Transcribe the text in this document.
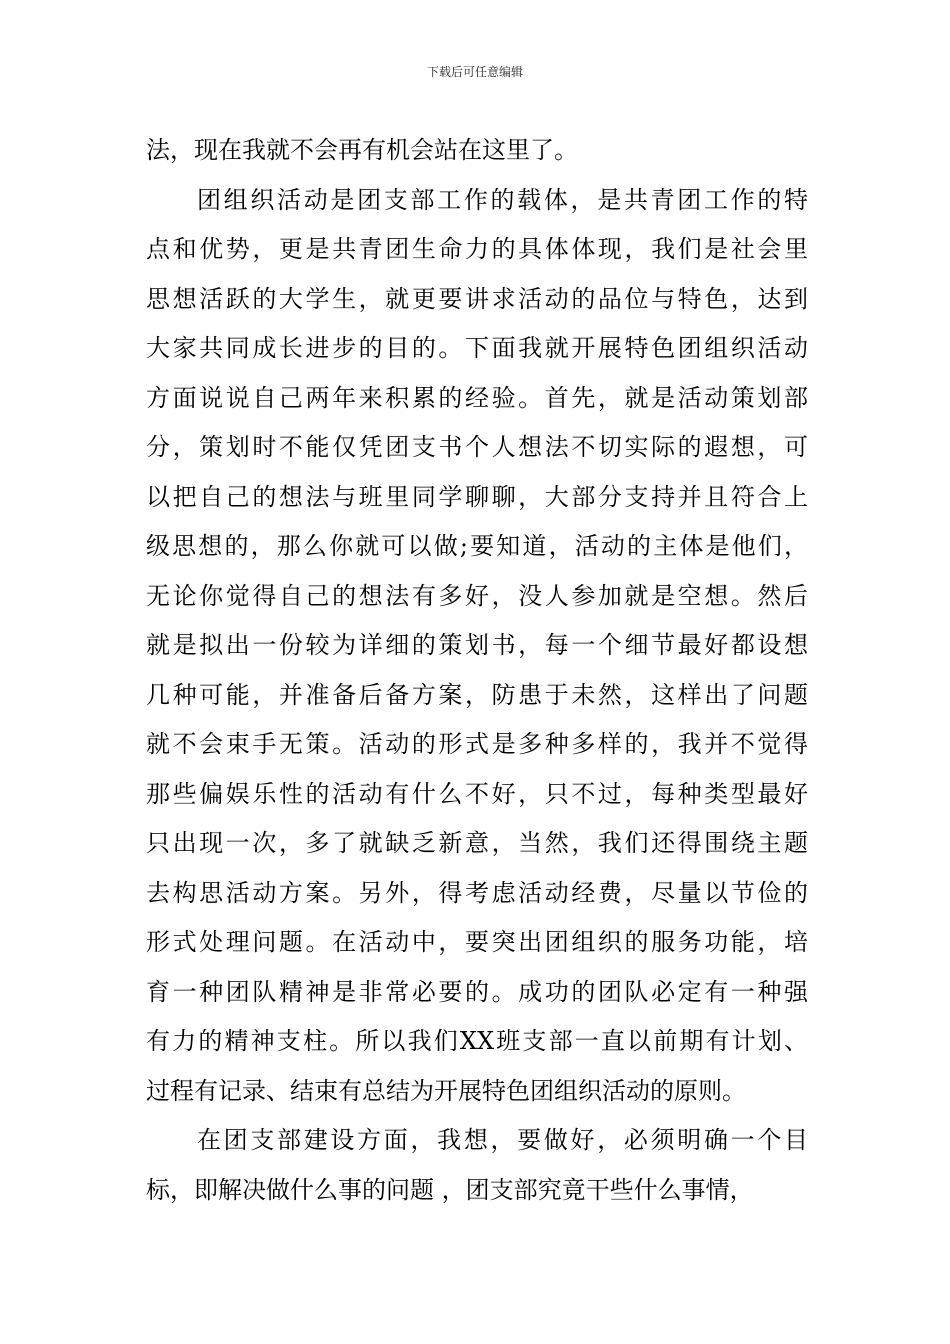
下载后可任意编辑
法，现在我就不会再有机会站在这里了。
团组织活动是团支部工作的载体，是共青团工作的特
点和优势，更是共青团生命力的具体体现，我们是社会里
思想活跃的大学生，就更要讲求活动的品位与特色，达到
大家共同成长进步的目的。下面我就开展特色团组织活动
方面说说自己两年来积累的经验。首先，就是活动策划部
分，策划时不能仅凭团支书个人想法不切实际的遐想，可
以把自己的想法与班里同学聊聊，大部分支持并且符合上
级思想的，那么你就可以做;要知道，活动的主体是他们，
无论你觉得自己的想法有多好，没人参加就是空想。然后
就是拟出一份较为详细的策划书，每一个细节最好都设想
几种可能，并准备后备方案，防患于未然，这样出了问题
就不会束手无策。活动的形式是多种多样的，我并不觉得
那些偏娱乐性的活动有什么不好，只不过，每种类型最好
只出现一次，多了就缺乏新意，当然，我们还得围绕主题
去构思活动方案。另外，得考虑活动经费，尽量以节俭的
形式处理问题。在活动中，要突出团组织的服务功能，培
育一种团队精神是非常必要的。成功的团队必定有一种强
有力的精神支柱。所以我们XX班支部一直以前期有计划、
过程有记录、结束有总结为开展特色团组织活动的原则。
在团支部建设方面，我想，要做好，必须明确一个目
标，即解决做什么事的问题 ，团支部究竟干些什么事情，
